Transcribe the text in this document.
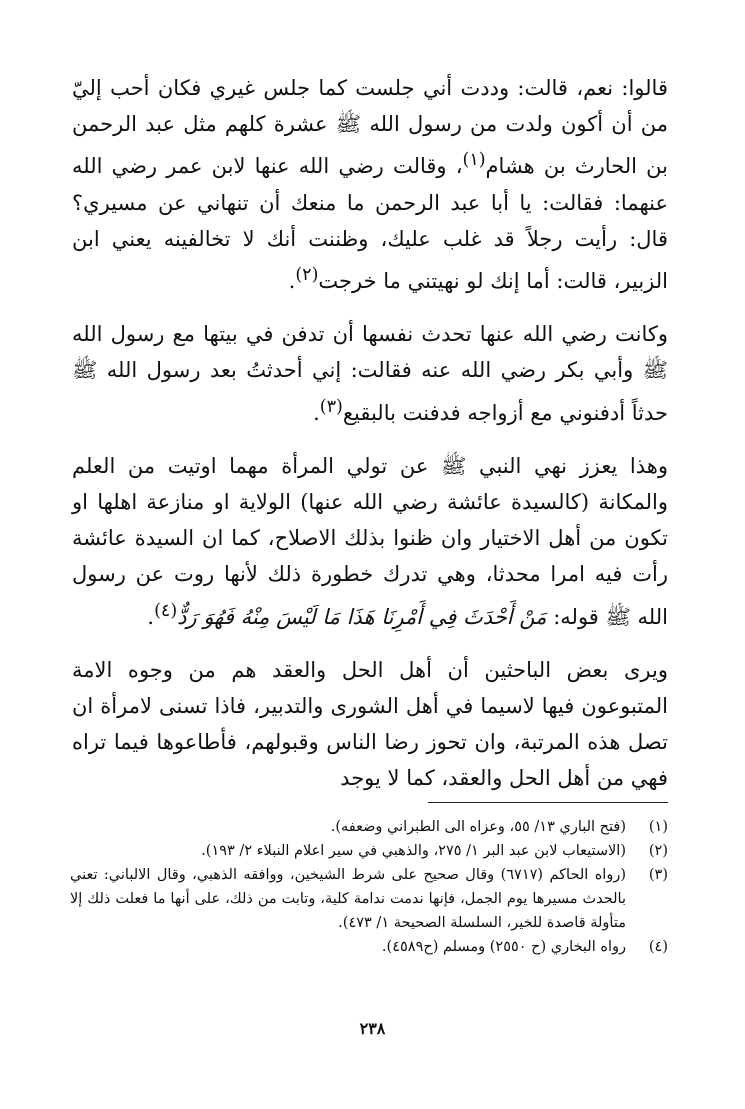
قالوا: نعم، قالت: وددت أني جلست كما جلس غيري فكان أحب إليّ من أن أكون ولدت من رسول الله ﷺ عشرة كلهم مثل عبد الرحمن بن الحارث بن هشام$^{(١)}$، وقالت رضي الله عنها لابن عمر رضي الله عنهما: فقالت: يا أبا عبد الرحمن ما منعك أن تنهاني عن مسيري؟ قال: رأيت رجلاً قد غلب عليك، وظننت أنك لا تخالفينه يعني ابن الزبير، قالت: أما إنك لو نهيتني ما خرجت$^{(٢)}$.

وكانت رضي الله عنها تحدث نفسها أن تدفن في بيتها مع رسول الله ﷺ وأبي بكر رضي الله عنه فقالت: إني أحدثتُ بعد رسول الله ﷺ حدثاً أدفنوني مع أزواجه فدفنت بالبقيع$^{(٣)}$.

وهذا يعزز نهي النبي ﷺ عن تولي المرأة مهما اوتيت من العلم والمكانة (كالسيدة عائشة رضي الله عنها) الولاية او منازعة اهلها او تكون من أهل الاختيار وان ظنوا بذلك الاصلاح، كما ان السيدة عائشة رأت فيه امرا محدثا، وهي تدرك خطورة ذلك لأنها روت عن رسول الله ﷺ قوله: مَنْ أَحْدَثَ فِي أَمْرِنَا هَذَا مَا لَيْسَ مِنْهُ فَهُوَ رَدٌّ$^{(٤)}$.

ويرى بعض الباحثين أن أهل الحل والعقد هم من وجوه الامة المتبوعون فيها لاسيما في أهل الشورى والتدبير، فاذا تسنى لامرأة ان تصل هذه المرتبة، وان تحوز رضا الناس وقبولهم، فأطاعوها فيما تراه فهي من أهل الحل والعقد، كما لا يوجد

(١)
(فتح الباري ١٣/ ٥٥، وعزاه الى الطبراني وضعفه).
(٢)
(الاستيعاب لابن عبد البر ١/ ٢٧٥، والذهبي في سير اعلام النبلاء ٢/ ١٩٣).
(٣)
(رواه الحاكم (٦٧١٧) وقال صحيح على شرط الشيخين، ووافقه الذهبي، وقال الالباني: تعني بالحدث مسيرها يوم الجمل، فإنها ندمت ندامة كلية، وتابت من ذلك، على أنها ما فعلت ذلك إلا متأولة قاصدة للخير، السلسلة الصحيحة ١/ ٤٧٣).
(٤)
رواه البخاري (ح ٢٥٥٠) ومسلم (ح٤٥٨٩).
٢٣٨
